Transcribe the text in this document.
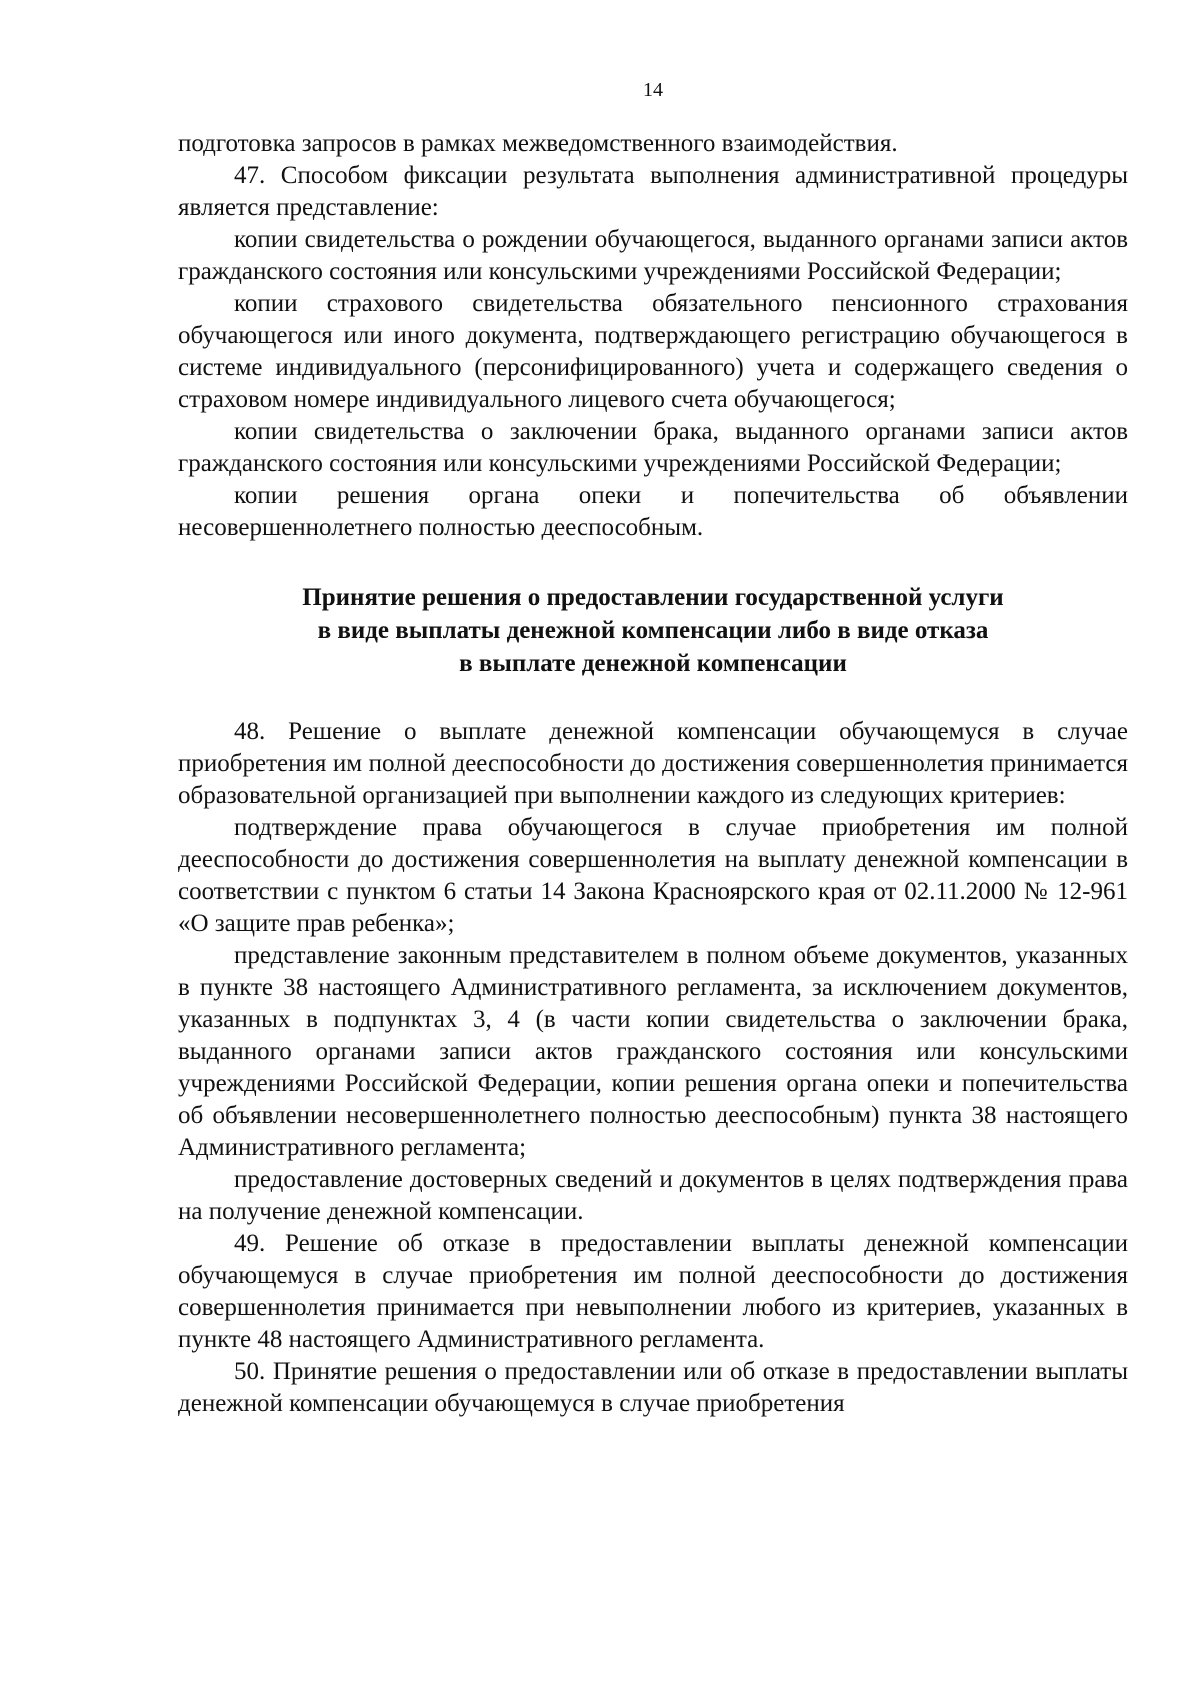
14

подготовка запросов в рамках межведомственного взаимодействия.

47. Способом фиксации результата выполнения административной процедуры является представление:

копии свидетельства о рождении обучающегося, выданного органами записи актов гражданского состояния или консульскими учреждениями Российской Федерации;

копии страхового свидетельства обязательного пенсионного страхования обучающегося или иного документа, подтверждающего регистрацию обучающегося в системе индивидуального (персонифицированного) учета и содержащего сведения о страховом номере индивидуального лицевого счета обучающегося;

копии свидетельства о заключении брака, выданного органами записи актов гражданского состояния или консульскими учреждениями Российской Федерации;

копии решения органа опеки и попечительства об объявлении несовершеннолетнего полностью дееспособным.

Принятие решения о предоставлении государственной услуги
в виде выплаты денежной компенсации либо в виде отказа
в выплате денежной компенсации

48. Решение о выплате денежной компенсации обучающемуся в случае приобретения им полной дееспособности до достижения совершеннолетия принимается образовательной организацией при выполнении каждого из следующих критериев:

подтверждение права обучающегося в случае приобретения им полной дееспособности до достижения совершеннолетия на выплату денежной компенсации в соответствии с пунктом 6 статьи 14 Закона Красноярского края от 02.11.2000 № 12-961 «О защите прав ребенка»;

представление законным представителем в полном объеме документов, указанных в пункте 38 настоящего Административного регламента, за исключением документов, указанных в подпунктах 3, 4 (в части копии свидетельства о заключении брака, выданного органами записи актов гражданского состояния или консульскими учреждениями Российской Федерации, копии решения органа опеки и попечительства об объявлении несовершеннолетнего полностью дееспособным) пункта 38 настоящего Административного регламента;

предоставление достоверных сведений и документов в целях подтверждения права на получение денежной компенсации.

49. Решение об отказе в предоставлении выплаты денежной компенсации обучающемуся в случае приобретения им полной дееспособности до достижения совершеннолетия принимается при невыполнении любого из критериев, указанных в пункте 48 настоящего Административного регламента.

50. Принятие решения о предоставлении или об отказе в предоставлении выплаты денежной компенсации обучающемуся в случае приобретения
